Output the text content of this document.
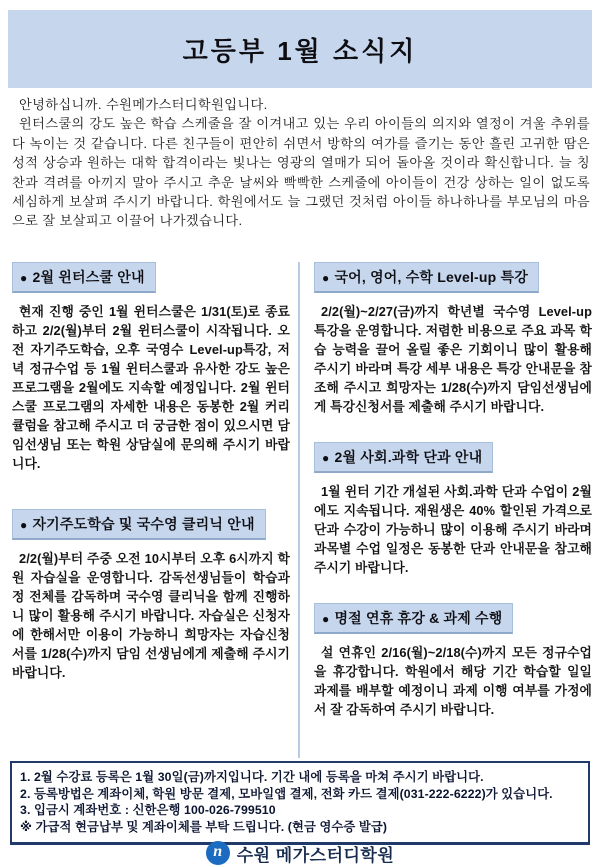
고등부 1월 소식지

안녕하십니까. 수원메가스터디학원입니다.

윈터스쿨의 강도 높은 학습 스케줄을 잘 이겨내고 있는 우리 아이들의 의지와 열정이 겨울 추위를 다 녹이는 것 같습니다. 다른 친구들이 편안히 쉬면서 방학의 여가를 즐기는 동안 흘린 고귀한 땀은 성적 상승과 원하는 대학 합격이라는 빛나는 영광의 열매가 되어 돌아올 것이라 확신합니다. 늘 칭찬과 격려를 아끼지 말아 주시고 추운 날씨와 빡빡한 스케줄에 아이들이 건강 상하는 일이 없도록 세심하게 보살펴 주시기 바랍니다. 학원에서도 늘 그랬던 것처럼 아이들 하나하나를 부모님의 마음으로 잘 보살피고 이끌어 나가겠습니다.

● 2월 윈터스쿨 안내

현재 진행 중인 1월 윈터스쿨은 1/31(토)로 종료하고 2/2(월)부터 2월 윈터스쿨이 시작됩니다. 오전 자기주도학습, 오후 국영수 Level-up특강, 저녁 정규수업 등 1월 윈터스쿨과 유사한 강도 높은 프로그램을 2월에도 지속할 예정입니다. 2월 윈터스쿨 프로그램의 자세한 내용은 동봉한 2월 커리큘럼을 참고해 주시고 더 궁금한 점이 있으시면 담임선생님 또는 학원 상담실에 문의해 주시기 바랍니다.

● 자기주도학습 및 국수영 클리닉 안내

2/2(월)부터 주중 오전 10시부터 오후 6시까지 학원 자습실을 운영합니다. 감독선생님들이 학습과정 전체를 감독하며 국수영 클리닉을 함께 진행하니 많이 활용해 주시기 바랍니다. 자습실은 신청자에 한해서만 이용이 가능하니 희망자는 자습신청서를 1/28(수)까지 담임 선생님에게 제출해 주시기 바랍니다.

● 국어, 영어, 수학 Level-up 특강

2/2(월)~2/27(금)까지 학년별 국수영 Level-up 특강을 운영합니다. 저렴한 비용으로 주요 과목 학습 능력을 끌어 올릴 좋은 기회이니 많이 활용해 주시기 바라며 특강 세부 내용은 특강 안내문을 참조해 주시고 희망자는 1/28(수)까지 담임선생님에게 특강신청서를 제출해 주시기 바랍니다.

● 2월 사회.과학 단과 안내

1월 윈터 기간 개설된 사회.과학 단과 수업이 2월에도 지속됩니다. 재원생은 40% 할인된 가격으로 단과 수강이 가능하니 많이 이용해 주시기 바라며 과목별 수업 일정은 동봉한 단과 안내문을 참고해 주시기 바랍니다.

● 명절 연휴 휴강 & 과제 수행

설 연휴인 2/16(월)~2/18(수)까지 모든 정규수업을 휴강합니다. 학원에서 해당 기간 학습할 일일 과제를 배부할 예정이니 과제 이행 여부를 가정에서 잘 감독하여 주시기 바랍니다.

1. 2월 수강료 등록은 1월 30일(금)까지입니다. 기간 내에 등록을 마쳐 주시기 바랍니다.

2. 등록방법은 계좌이체, 학원 방문 결제, 모바일앱 결제, 전화 카드 결제(031-222-6222)가 있습니다.

3. 입금시 계좌번호 : 신한은행 100-026-799510

※ 가급적 현금납부 및 계좌이체를 부탁 드립니다. (현금 영수증 발급)

n 수원 메가스터디학원
